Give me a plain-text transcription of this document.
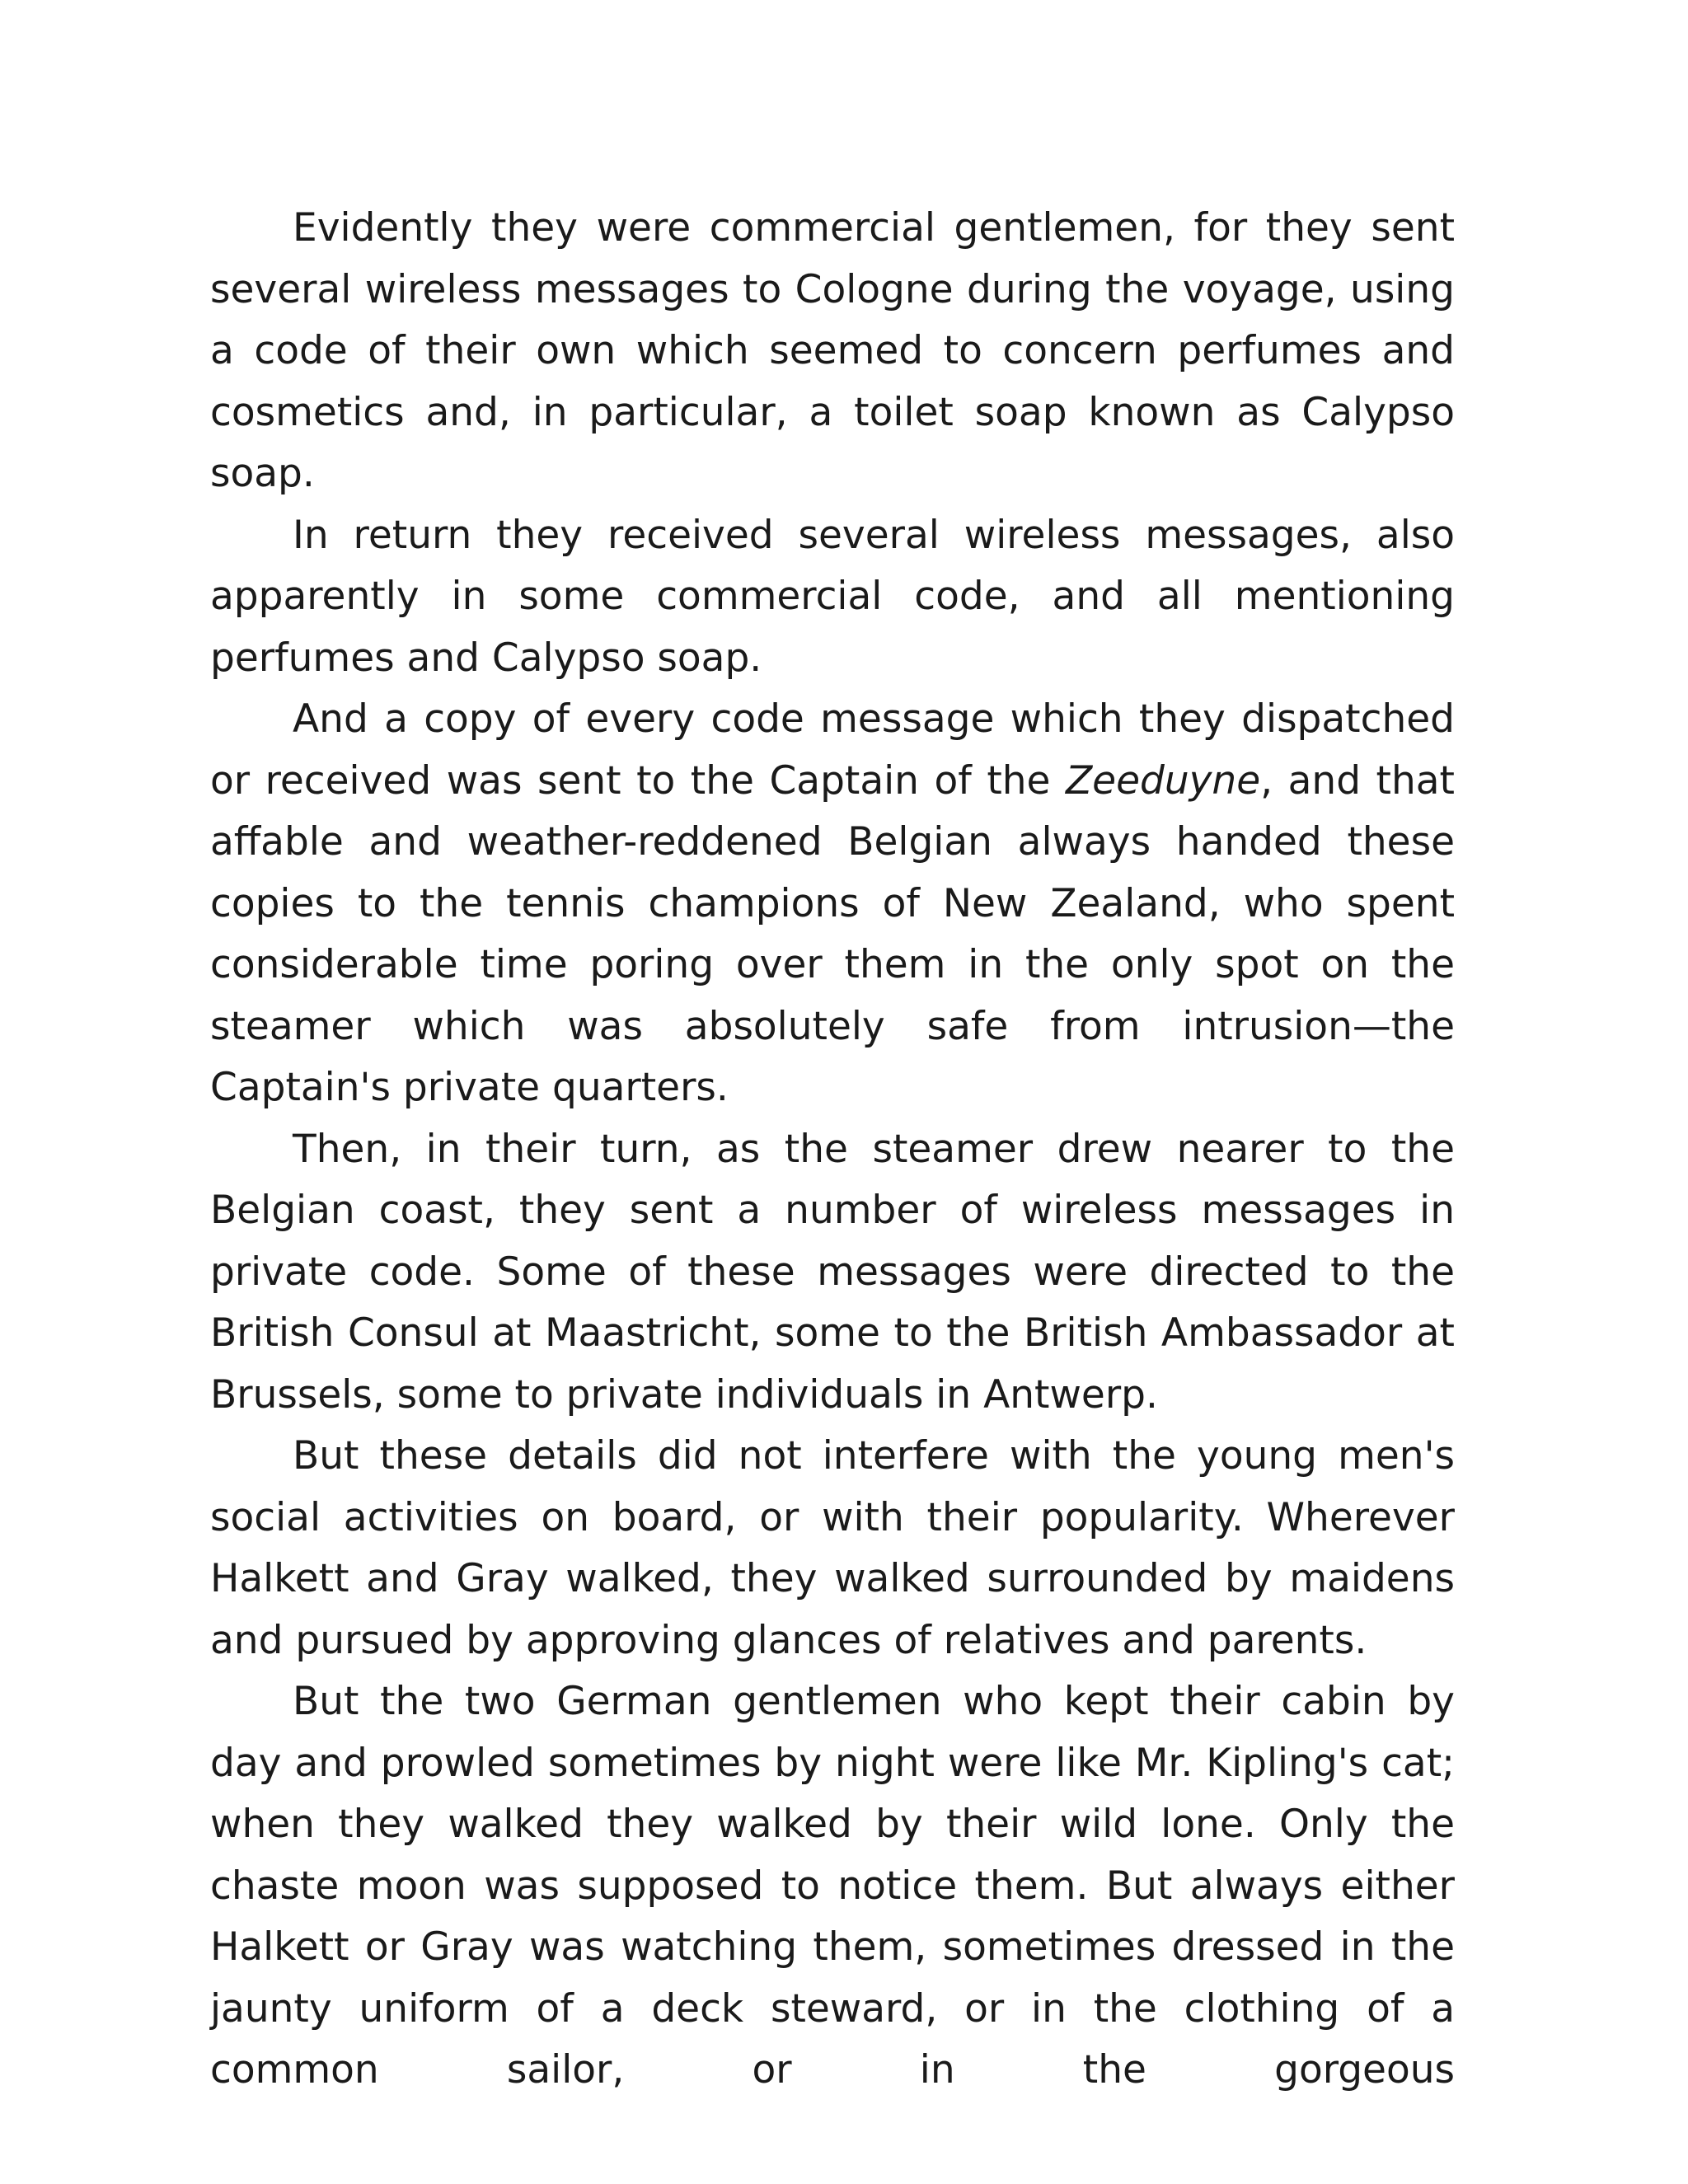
Evidently they were commercial gentlemen, for they sent several wireless messages to Cologne during the voyage, using a code of their own which seemed to concern perfumes and cosmetics and, in particular, a toilet soap known as Calypso soap.

In return they received several wireless messages, also apparently in some commercial code, and all mentioning perfumes and Calypso soap.

And a copy of every code message which they dispatched or received was sent to the Captain of the Zeeduyne, and that affable and weather-reddened Belgian always handed these copies to the tennis champions of New Zealand, who spent considerable time poring over them in the only spot on the steamer which was absolutely safe from intrusion—the Captain's private quarters.

Then, in their turn, as the steamer drew nearer to the Belgian coast, they sent a number of wireless messages in private code. Some of these messages were directed to the British Consul at Maastricht, some to the British Ambassador at Brussels, some to private individuals in Antwerp.

But these details did not interfere with the young men's social activities on board, or with their popularity. Wherever Halkett and Gray walked, they walked surrounded by maidens and pursued by approving glances of relatives and parents.

But the two German gentlemen who kept their cabin by day and prowled sometimes by night were like Mr. Kipling's cat; when they walked they walked by their wild lone. Only the chaste moon was supposed to notice them. But always either Halkett or Gray was watching them, sometimes dressed in the jaunty uniform of a deck steward, or in the clothing of a common sailor, or in the gorgeous
